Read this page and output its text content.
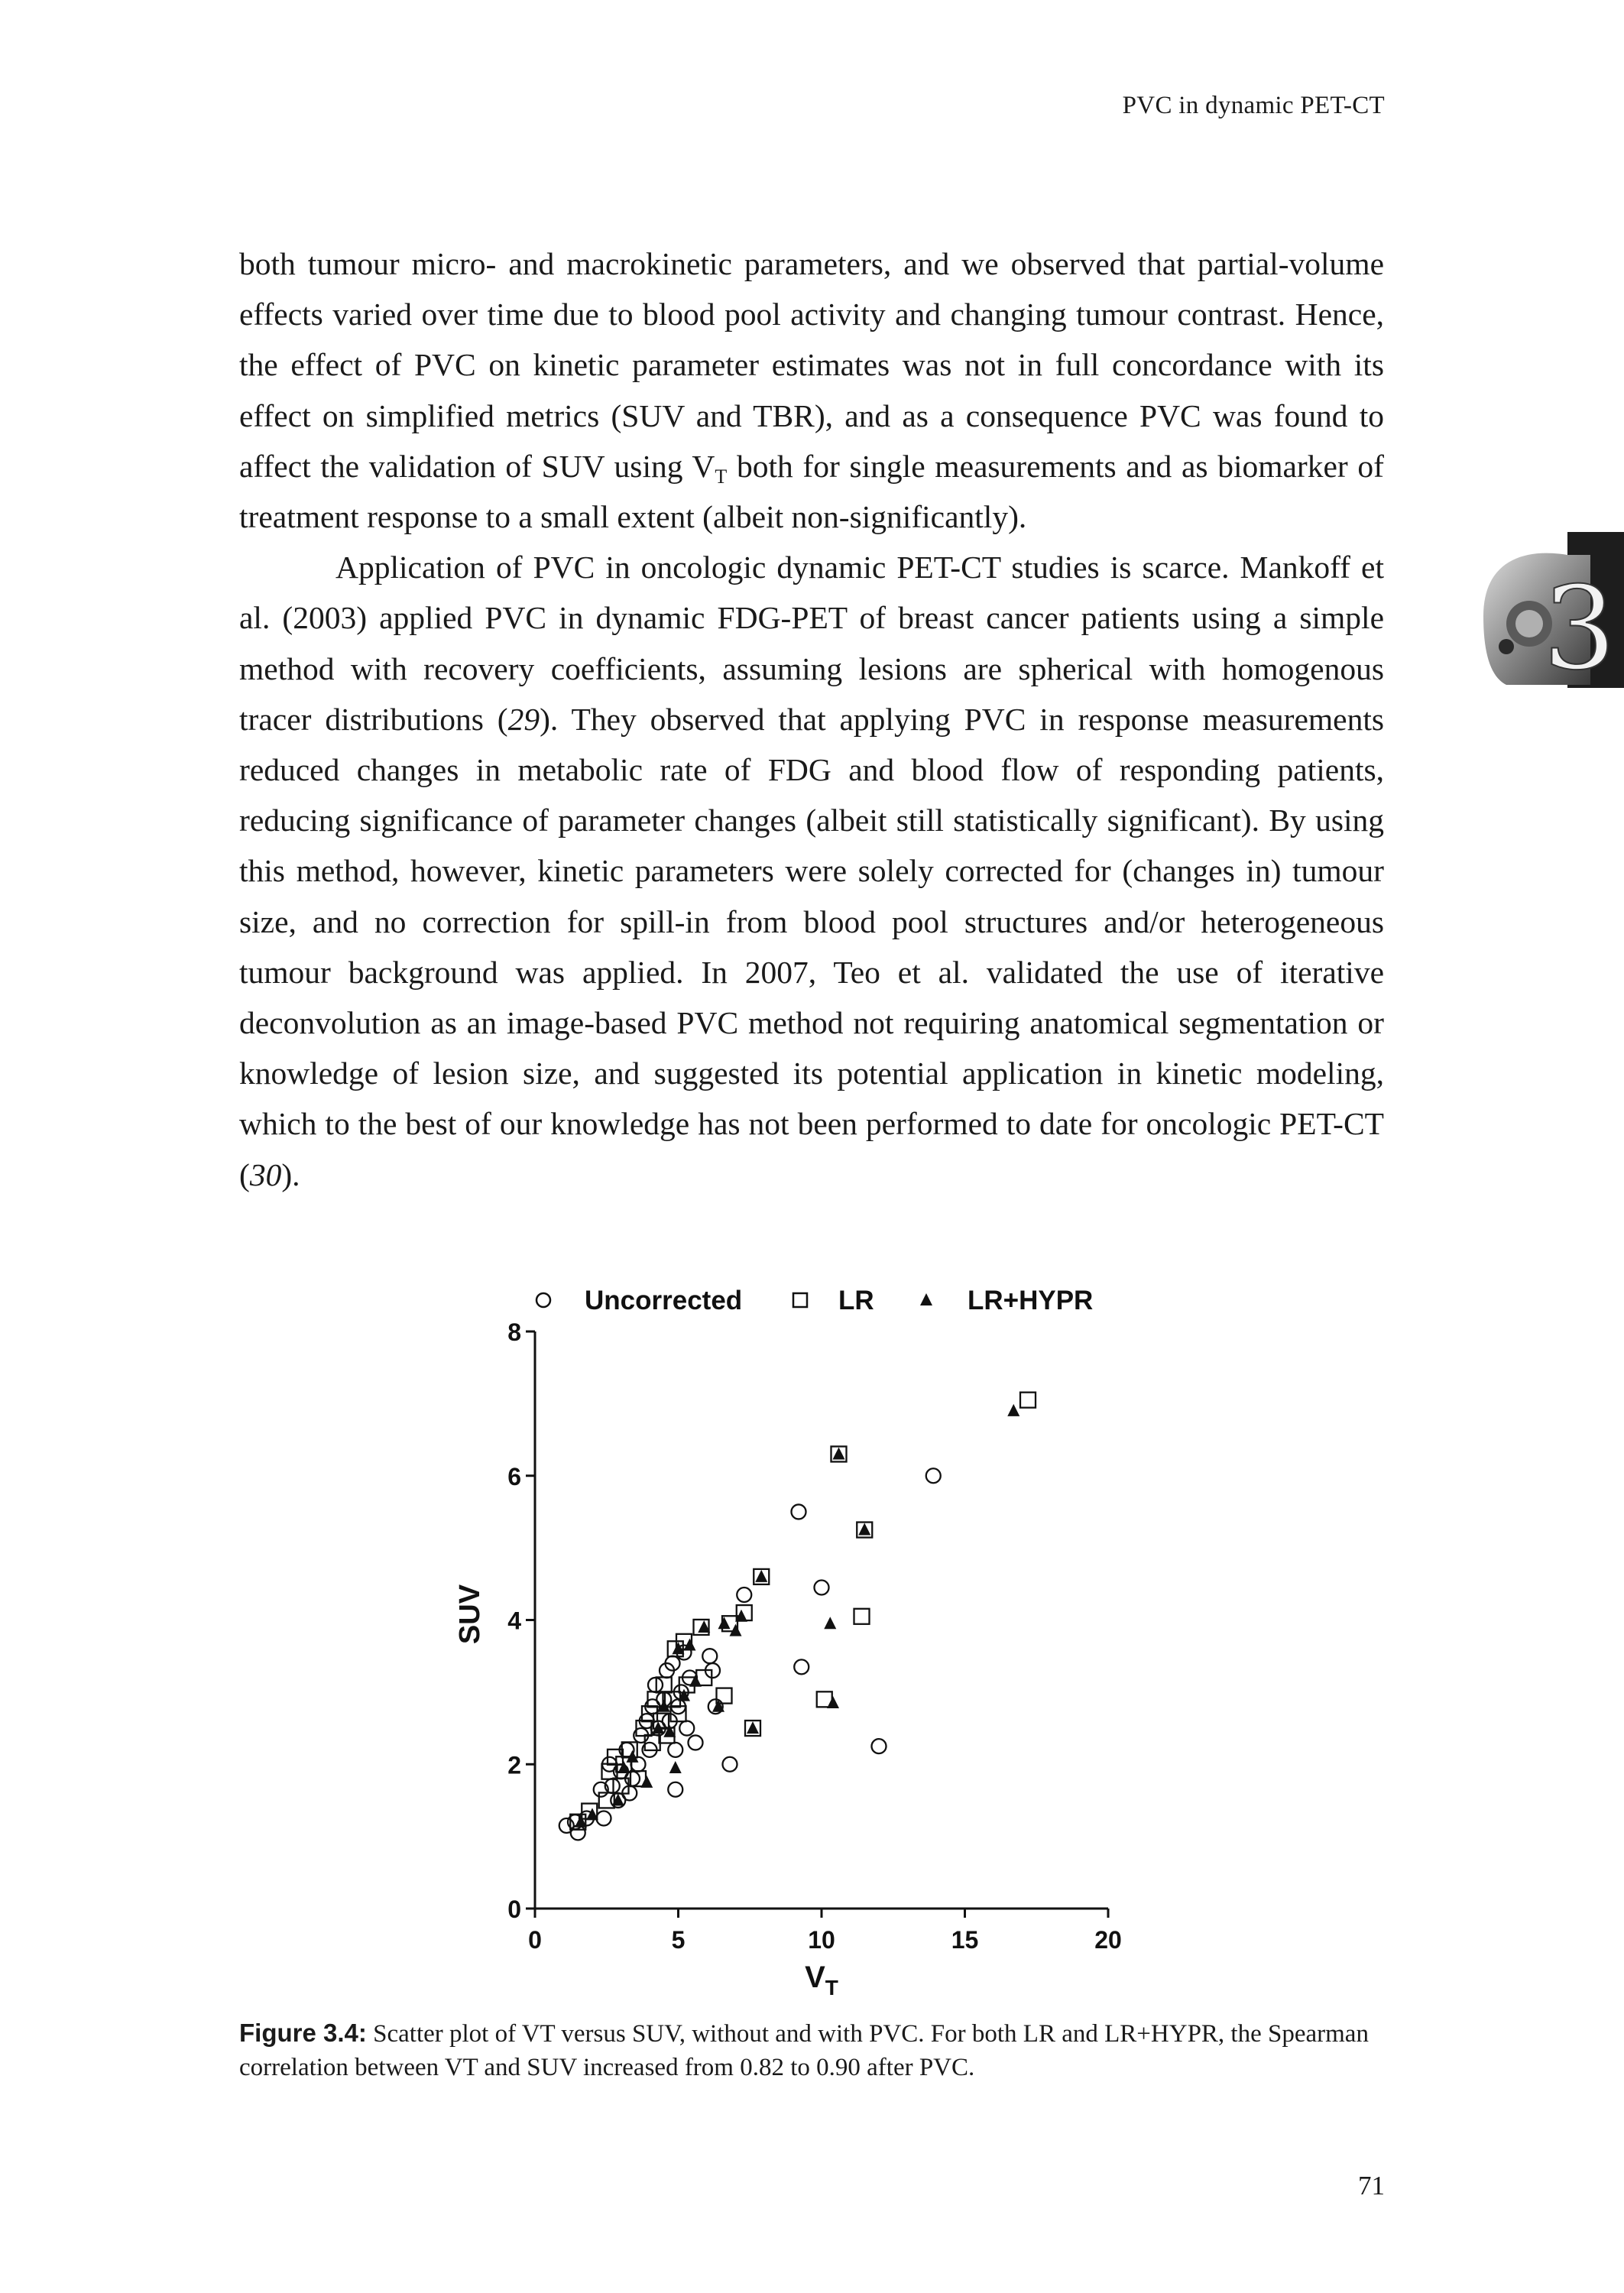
PVC in dynamic PET-CT
3

both tumour micro- and macrokinetic parameters, and we observed that partial-volume effects varied over time due to blood pool activity and changing tumour contrast. Hence, the effect of PVC on kinetic parameter estimates was not in full concordance with its effect on simplified metrics (SUV and TBR), and as a consequence PVC was found to affect the validation of SUV using $V_T$ both for single measurements and as biomarker of treatment response to a small extent (albeit non-significantly).

Application of PVC in oncologic dynamic PET-CT studies is scarce. Mankoff et al. (2003) applied PVC in dynamic FDG-PET of breast cancer patients using a simple method with recovery coefficients, assuming lesions are spherical with homogenous tracer distributions (29). They observed that applying PVC in response measurements reduced changes in metabolic rate of FDG and blood flow of responding patients, reducing significance of parameter changes (albeit still statistically significant). By using this method, however, kinetic parameters were solely corrected for (changes in) tumour size, and no correction for spill-in from blood pool structures and/or heterogeneous tumour background was applied. In 2007, Teo et al. validated the use of iterative deconvolution as an image-based PVC method not requiring anatomical segmentation or knowledge of lesion size, and suggested its potential application in kinetic modeling, which to the best of our knowledge has not been performed to date for oncologic PET-CT (30).

Uncorrected	LR	LR+HYPR
0
2
4
6
8
0	5	10	15	20
SUV
$V_T$
Figure 3.4: Scatter plot of VT versus SUV, without and with PVC. For both LR and LR+HYPR, the Spearman correlation between VT and SUV increased from 0.82 to 0.90 after PVC.
71
